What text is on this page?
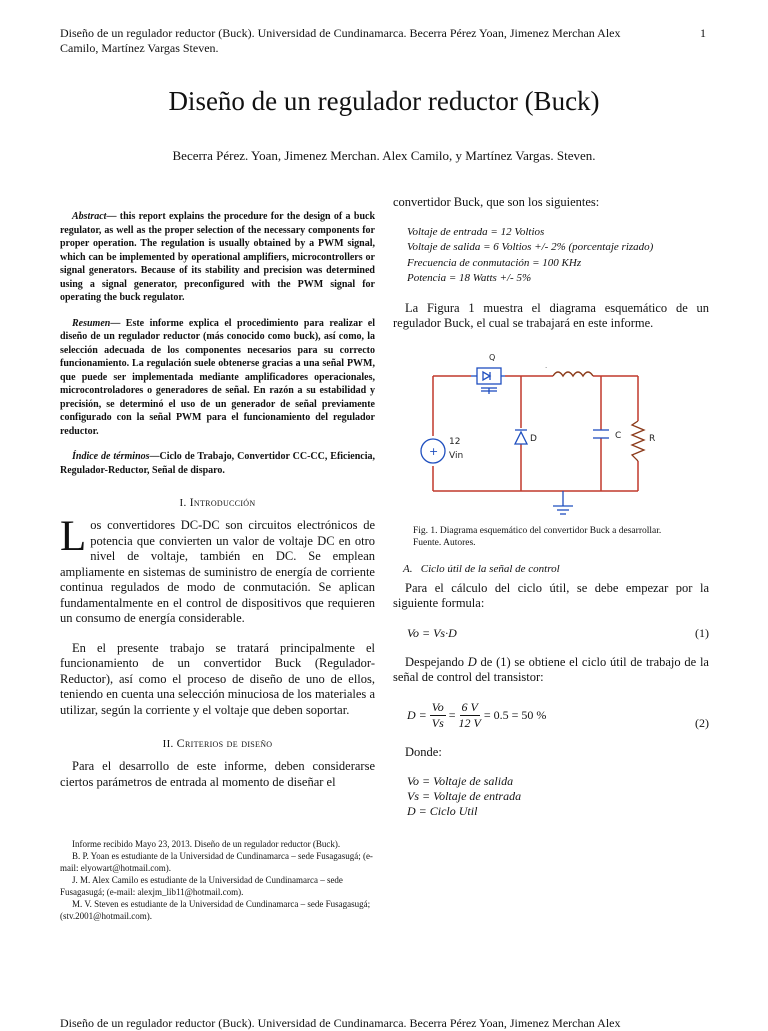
Diseño de un regulador reductor (Buck). Universidad de Cundinamarca. Becerra Pérez Yoan, Jimenez Merchan Alex Camilo, Martínez Vargas Steven.
1
Diseño de un regulador reductor (Buck)
Becerra Pérez. Yoan, Jimenez Merchan. Alex Camilo, y Martínez Vargas. Steven.

Abstract— this report explains the procedure for the design of a buck regulator, as well as the proper selection of the necessary components for proper operation. The regulation is usually obtained by a PWM signal, which can be implemented by operational amplifiers, microcontrollers or signal generators. Because of its stability and precision was determined using a signal generator, preconfigured with the PWM signal for operating the buck regulator.

Resumen— Este informe explica el procedimiento para realizar el diseño de un regulador reductor (más conocido como buck), así como, la selección adecuada de los componentes necesarios para su correcto funcionamiento. La regulación suele obtenerse gracias a una señal PWM, que puede ser implementada mediante amplificadores operacionales, microcontroladores o generadores de señal. En razón a su estabilidad y precisión, se determinó el uso de un generador de señal previamente configurado con la señal PWM para el funcionamiento del regulador reductor.

Índice de términos—Ciclo de Trabajo, Convertidor CC-CC, Eficiencia, Regulador-Reductor, Señal de disparo.

I. Introducción

Los convertidores DC-DC son circuitos electrónicos de potencia que convierten un valor de voltaje DC en otro nivel de voltaje, también en DC. Se emplean ampliamente en sistemas de suministro de energía de corriente continua regulados de modo de conmutación. Se aplican fundamentalmente en el control de dispositivos que requieren un consumo de energía considerable.

En el presente trabajo se tratará principalmente el funcionamiento de un convertidor Buck (Regulador-Reductor), así como el proceso de diseño de uno de ellos, teniendo en cuenta una selección minuciosa de los materiales a utilizar, según la corriente y el voltaje que deben soportar.

II. Criterios de diseño

Para el desarrollo de este informe, deben considerarse ciertos parámetros de entrada al momento de diseñar el

Informe recibido Mayo 23, 2013. Diseño de un regulador reductor (Buck).

B. P. Yoan es estudiante de la Universidad de Cundinamarca – sede Fusagasugá; (e-mail: elyowart@hotmail.com).

J. M. Alex Camilo es estudiante de la Universidad de Cundinamarca – sede Fusagasugá; (e-mail: alexjm_lib11@hotmail.com).

M. V. Steven es estudiante de la Universidad de Cundinamarca – sede Fusagasugá; (stv.2001@hotmail.com).

convertidor Buck, que son los siguientes:

Voltaje de entrada = 12 Voltios
Voltaje de salida = 6 Voltios +/- 2% (porcentaje rizado)
Frecuencia de conmutación = 100 KHz
Potencia = 18 Watts +/- 5%

La Figura 1 muestra el diagrama esquemático de un regulador Buck, el cual se trabajará en este informe.

Q
·
+
12
Vin
D	C	R
Fig. 1. Diagrama esquemático del convertidor Buck a desarrollar.
Fuente. Autores.
A. Ciclo útil de la señal de control

Para el cálculo del ciclo útil, se debe empezar por la siguiente formula:

Vo = Vs·D	(1)

Despejando D de (1) se obtiene el ciclo útil de trabajo de la señal de control del transistor:

$D = \frac{Vo}{Vs} = \frac{6 V}{12 V} = 0.5 = 50$ %
(2)

Donde:

Vo = Voltaje de salida
Vs = Voltaje de entrada
D = Ciclo Util
Diseño de un regulador reductor (Buck). Universidad de Cundinamarca. Becerra Pérez Yoan, Jimenez Merchan Alex
